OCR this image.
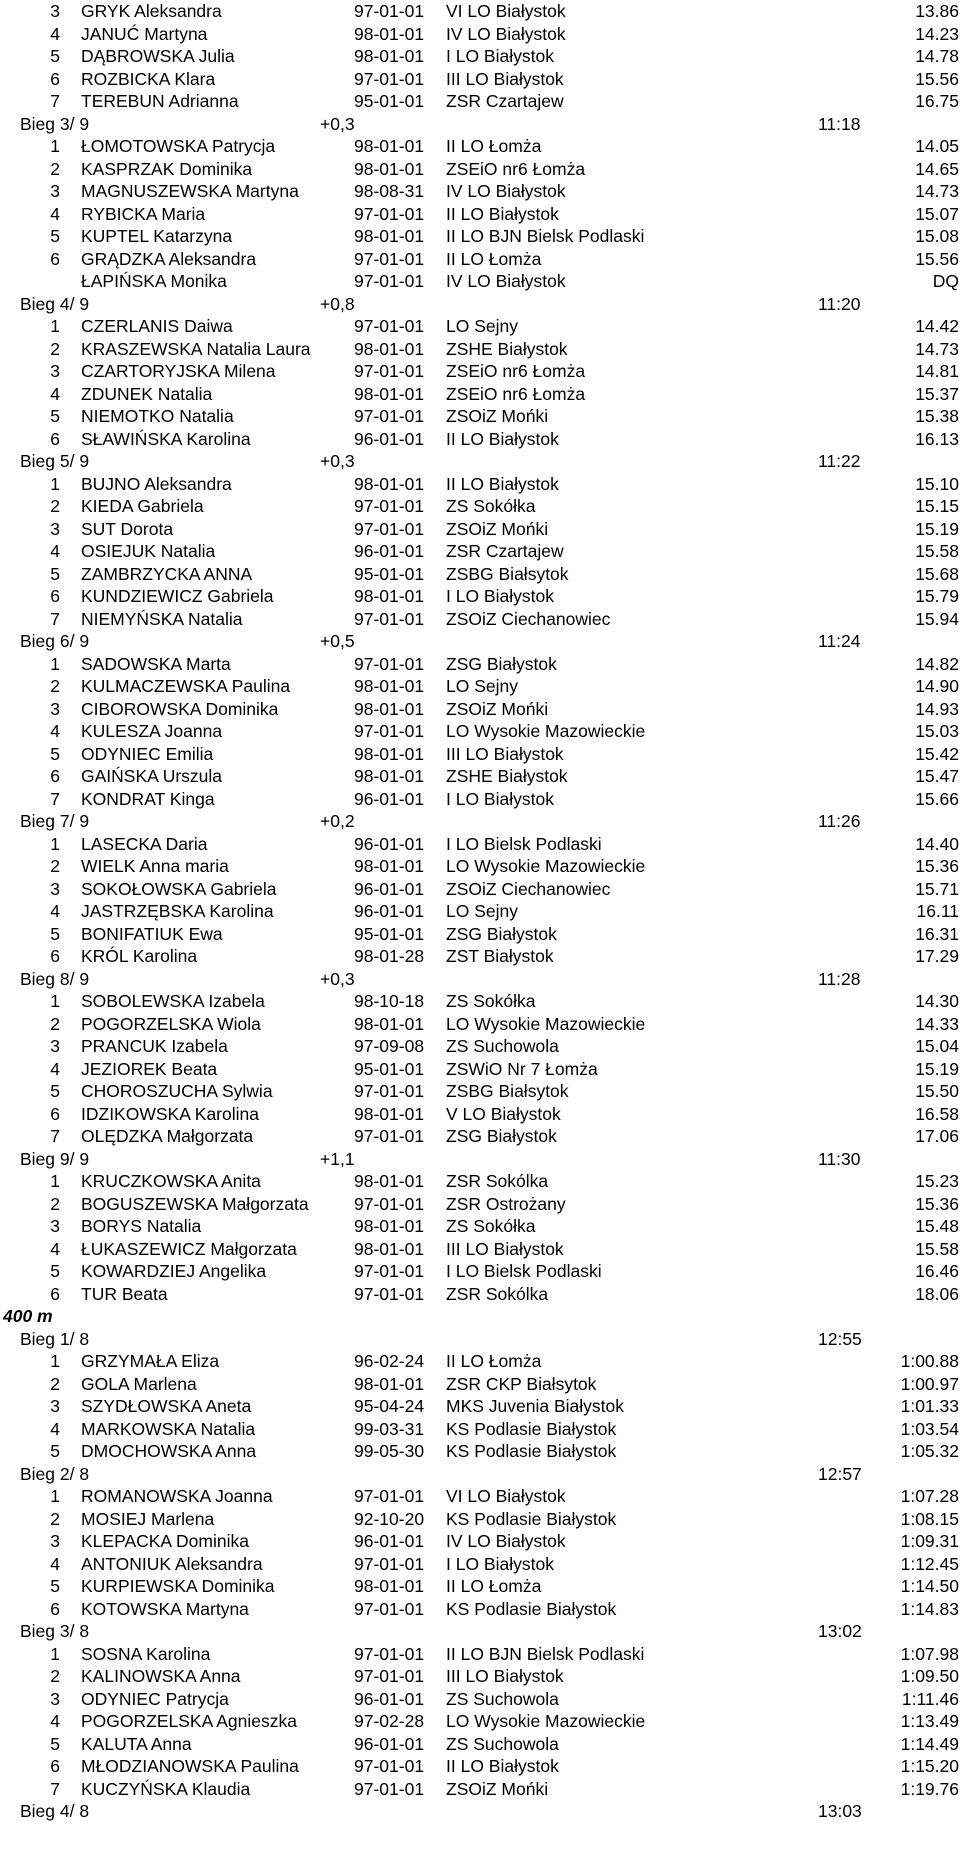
3 GRYK Aleksandra	97-01-01 VI LO Białystok	13.86
4 JANUĆ Martyna	98-01-01 IV LO Białystok	14.23
5 DĄBROWSKA Julia	98-01-01 I LO Białystok	14.78
6 ROZBICKA Klara	97-01-01 III LO Białystok	15.56
7 TEREBUN Adrianna	95-01-01 ZSR Czartajew	16.75
Bieg 3/ 9	+0,3	11:18
1 ŁOMOTOWSKA Patrycja	98-01-01 II LO Łomża	14.05
2 KASPRZAK Dominika	98-01-01 ZSEiO nr6 Łomża	14.65
3 MAGNUSZEWSKA Martyna	98-08-31 IV LO Białystok	14.73
4 RYBICKA Maria	97-01-01 II LO Białystok	15.07
5 KUPTEL Katarzyna	98-01-01 II LO BJN Bielsk Podlaski	15.08
6 GRĄDZKA Aleksandra	97-01-01 II LO Łomża	15.56
ŁAPIŃSKA Monika	97-01-01 IV LO Białystok	DQ
Bieg 4/ 9	+0,8	11:20
1 CZERLANIS Daiwa	97-01-01 LO Sejny	14.42
2 KRASZEWSKA Natalia Laura 98-01-01 ZSHE Białystok	14.73
3 CZARTORYJSKA Milena	97-01-01 ZSEiO nr6 Łomża	14.81
4 ZDUNEK Natalia	98-01-01 ZSEiO nr6 Łomża	15.37
5 NIEMOTKO Natalia	97-01-01 ZSOiZ Mońki	15.38
6 SŁAWIŃSKA Karolina	96-01-01 II LO Białystok	16.13
Bieg 5/ 9	+0,3	11:22
1 BUJNO Aleksandra	98-01-01 II LO Białystok	15.10
2 KIEDA Gabriela	97-01-01 ZS Sokółka	15.15
3 SUT Dorota	97-01-01 ZSOiZ Mońki	15.19
4 OSIEJUK Natalia	96-01-01 ZSR Czartajew	15.58
5 ZAMBRZYCKA ANNA	95-01-01 ZSBG Białsytok	15.68
6 KUNDZIEWICZ Gabriela	98-01-01 I LO Białystok	15.79
7 NIEMYŃSKA Natalia	97-01-01 ZSOiZ Ciechanowiec	15.94
Bieg 6/ 9	+0,5	11:24
1 SADOWSKA Marta	97-01-01 ZSG Białystok	14.82
2 KULMACZEWSKA Paulina	98-01-01 LO Sejny	14.90
3 CIBOROWSKA Dominika	98-01-01 ZSOiZ Mońki	14.93
4 KULESZA Joanna	97-01-01 LO Wysokie Mazowieckie	15.03
5 ODYNIEC Emilia	98-01-01 III LO Białystok	15.42
6 GAIŃSKA Urszula	98-01-01 ZSHE Białystok	15.47
7 KONDRAT Kinga	96-01-01 I LO Białystok	15.66
Bieg 7/ 9	+0,2	11:26
1 LASECKA Daria	96-01-01 I LO Bielsk Podlaski	14.40
2 WIELK Anna maria	98-01-01 LO Wysokie Mazowieckie	15.36
3 SOKOŁOWSKA Gabriela	96-01-01 ZSOiZ Ciechanowiec	15.71
4 JASTRZĘBSKA Karolina	96-01-01 LO Sejny	16.11
5 BONIFATIUK Ewa	95-01-01 ZSG Białystok	16.31
6 KRÓL Karolina	98-01-28 ZST Białystok	17.29
Bieg 8/ 9	+0,3	11:28
1 SOBOLEWSKA Izabela	98-10-18 ZS Sokółka	14.30
2 POGORZELSKA Wiola	98-01-01 LO Wysokie Mazowieckie	14.33
3 PRANCUK Izabela	97-09-08 ZS Suchowola	15.04
4 JEZIOREK Beata	95-01-01 ZSWiO Nr 7 Łomża	15.19
5 CHOROSZUCHA Sylwia	97-01-01 ZSBG Białsytok	15.50
6 IDZIKOWSKA Karolina	98-01-01 V LO Białystok	16.58
7 OLĘDZKA Małgorzata	97-01-01 ZSG Białystok	17.06
Bieg 9/ 9	+1,1	11:30
1 KRUCZKOWSKA Anita	98-01-01 ZSR Sokólka	15.23
2 BOGUSZEWSKA Małgorzata	97-01-01 ZSR Ostrożany	15.36
3 BORYS Natalia	98-01-01 ZS Sokółka	15.48
4 ŁUKASZEWICZ Małgorzata	98-01-01 III LO Białystok	15.58
5 KOWARDZIEJ Angelika	97-01-01 I LO Bielsk Podlaski	16.46
6 TUR Beata	97-01-01 ZSR Sokólka	18.06
400 m
Bieg 1/ 8	12:55
1 GRZYMAŁA Eliza	96-02-24 II LO Łomża	1:00.88
2 GOLA Marlena	98-01-01 ZSR CKP Białsytok	1:00.97
3 SZYDŁOWSKA Aneta	95-04-24 MKS Juvenia Białystok	1:01.33
4 MARKOWSKA Natalia	99-03-31 KS Podlasie Białystok	1:03.54
5 DMOCHOWSKA Anna	99-05-30 KS Podlasie Białystok	1:05.32
Bieg 2/ 8	12:57
1 ROMANOWSKA Joanna	97-01-01 VI LO Białystok	1:07.28
2 MOSIEJ Marlena	92-10-20 KS Podlasie Białystok	1:08.15
3 KLEPACKA Dominika	96-01-01 IV LO Białystok	1:09.31
4 ANTONIUK Aleksandra	97-01-01 I LO Białystok	1:12.45
5 KURPIEWSKA Dominika	98-01-01 II LO Łomża	1:14.50
6 KOTOWSKA Martyna	97-01-01 KS Podlasie Białystok	1:14.83
Bieg 3/ 8	13:02
1 SOSNA Karolina	97-01-01 II LO BJN Bielsk Podlaski	1:07.98
2 KALINOWSKA Anna	97-01-01 III LO Białystok	1:09.50
3 ODYNIEC Patrycja	96-01-01 ZS Suchowola	1:11.46
4 POGORZELSKA Agnieszka	97-02-28 LO Wysokie Mazowieckie	1:13.49
5 KALUTA Anna	96-01-01 ZS Suchowola	1:14.49
6 MŁODZIANOWSKA Paulina	97-01-01 II LO Białystok	1:15.20
7 KUCZYŃSKA Klaudia	97-01-01 ZSOiZ Mońki	1:19.76
Bieg 4/ 8	13:03
